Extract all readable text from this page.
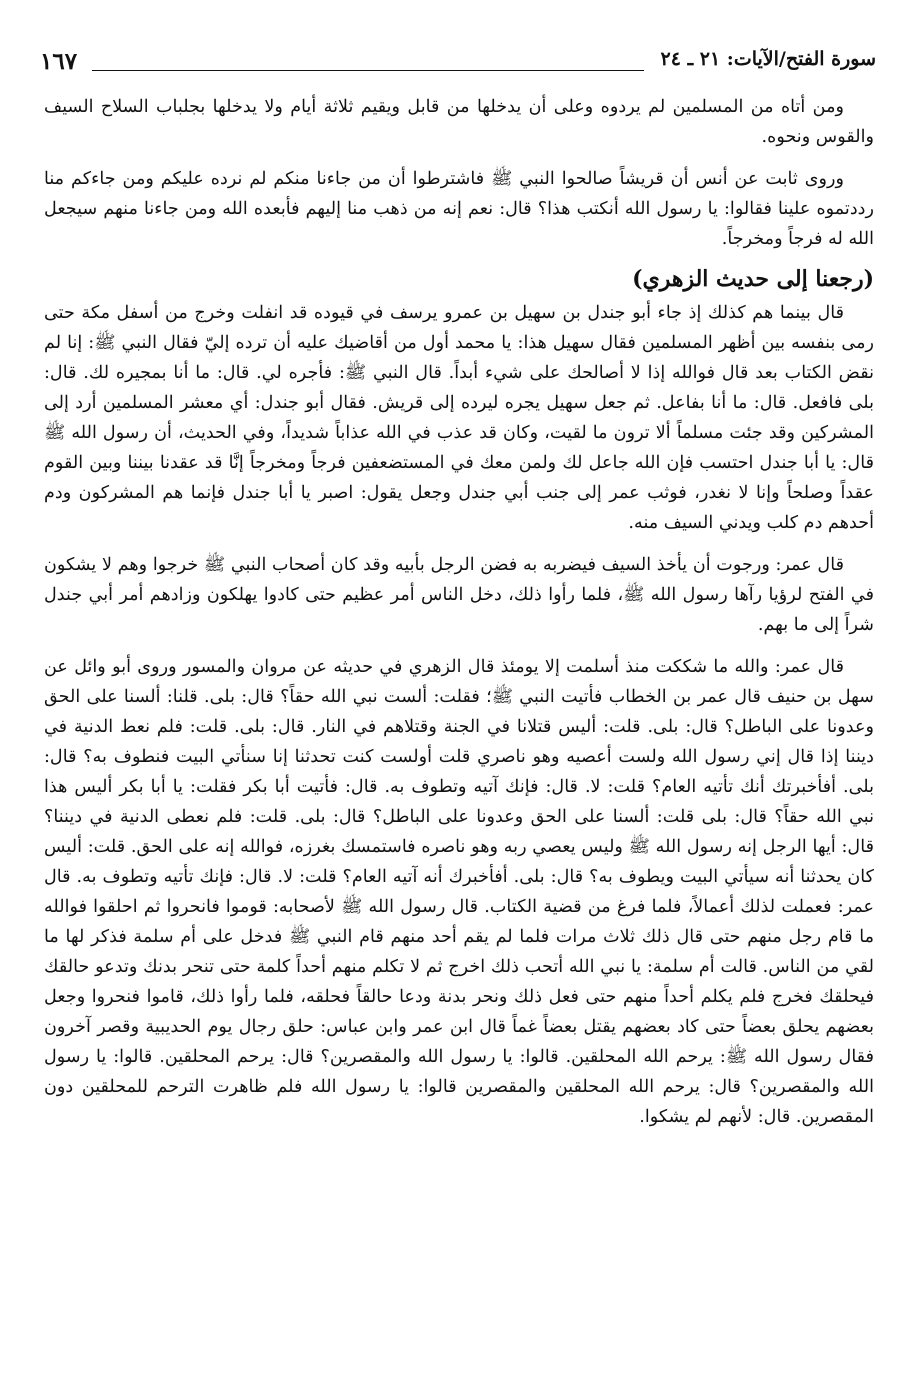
سورة الفتح/الآيات: ٢١ ـ ٢٤
١٦٧

ومن أتاه من المسلمين لم يردوه وعلى أن يدخلها من قابل ويقيم ثلاثة أيام ولا يدخلها بجلباب السلاح السيف والقوس ونحوه.

وروى ثابت عن أنس أن قريشاً صالحوا النبي ﷺ فاشترطوا أن من جاءنا منكم لم نرده عليكم ومن جاءكم منا رددتموه علينا فقالوا: يا رسول الله أنكتب هذا؟ قال: نعم إنه من ذهب منا إليهم فأبعده الله ومن جاءنا منهم سيجعل الله له فرجاً ومخرجاً.

(رجعنا إلى حديث الزهري)

قال بينما هم كذلك إذ جاء أبو جندل بن سهيل بن عمرو يرسف في قيوده قد انفلت وخرج من أسفل مكة حتى رمى بنفسه بين أظهر المسلمين فقال سهيل هذا: يا محمد أول من أقاضيك عليه أن ترده إليّ فقال النبي ﷺ: إنا لم نقض الكتاب بعد قال فوالله إذا لا أصالحك على شيء أبداً. قال النبي ﷺ: فأجره لي. قال: ما أنا بمجيره لك. قال: بلى فافعل. قال: ما أنا بفاعل. ثم جعل سهيل يجره ليرده إلى قريش. فقال أبو جندل: أي معشر المسلمين أرد إلى المشركين وقد جئت مسلماً ألا ترون ما لقيت، وكان قد عذب في الله عذاباً شديداً، وفي الحديث، أن رسول الله ﷺ قال: يا أبا جندل احتسب فإن الله جاعل لك ولمن معك في المستضعفين فرجاً ومخرجاً إنَّا قد عقدنا بيننا وبين القوم عقداً وصلحاً وإنا لا نغدر، فوثب عمر إلى جنب أبي جندل وجعل يقول: اصبر يا أبا جندل فإنما هم المشركون ودم أحدهم دم كلب ويدني السيف منه.

قال عمر: ورجوت أن يأخذ السيف فيضربه به فضن الرجل بأبيه وقد كان أصحاب النبي ﷺ خرجوا وهم لا يشكون في الفتح لرؤيا رآها رسول الله ﷺ، فلما رأوا ذلك، دخل الناس أمر عظيم حتى كادوا يهلكون وزادهم أمر أبي جندل شراً إلى ما بهم.

قال عمر: والله ما شككت منذ أسلمت إلا يومئذ قال الزهري في حديثه عن مروان والمسور وروى أبو وائل عن سهل بن حنيف قال عمر بن الخطاب فأتيت النبي ﷺ؛ فقلت: ألست نبي الله حقاً؟ قال: بلى. قلنا: ألسنا على الحق وعدونا على الباطل؟ قال: بلى. قلت: أليس قتلانا في الجنة وقتلاهم في النار. قال: بلى. قلت: فلم نعط الدنية في ديننا إذا قال إني رسول الله ولست أعصيه وهو ناصري قلت أولست كنت تحدثنا إنا سنأتي البيت فنطوف به؟ قال: بلى. أفأخبرتك أنك تأتيه العام؟ قلت: لا. قال: فإنك آتيه وتطوف به. قال: فأتيت أبا بكر فقلت: يا أبا بكر أليس هذا نبي الله حقاً؟ قال: بلى قلت: ألسنا على الحق وعدونا على الباطل؟ قال: بلى. قلت: فلم نعطى الدنية في ديننا؟ قال: أيها الرجل إنه رسول الله ﷺ وليس يعصي ربه وهو ناصره فاستمسك بغرزه، فوالله إنه على الحق. قلت: أليس كان يحدثنا أنه سيأتي البيت ويطوف به؟ قال: بلى. أفأخبرك أنه آتيه العام؟ قلت: لا. قال: فإنك تأتيه وتطوف به. قال عمر: فعملت لذلك أعمالاً، فلما فرغ من قضية الكتاب. قال رسول الله ﷺ لأصحابه: قوموا فانحروا ثم احلقوا فوالله ما قام رجل منهم حتى قال ذلك ثلاث مرات فلما لم يقم أحد منهم قام النبي ﷺ فدخل على أم سلمة فذكر لها ما لقي من الناس. قالت أم سلمة: يا نبي الله أتحب ذلك اخرج ثم لا تكلم منهم أحداً كلمة حتى تنحر بدنك وتدعو حالقك فيحلقك فخرج فلم يكلم أحداً منهم حتى فعل ذلك ونحر بدنة ودعا حالقاً فحلقه، فلما رأوا ذلك، قاموا فنحروا وجعل بعضهم يحلق بعضاً حتى كاد بعضهم يقتل بعضاً غماً قال ابن عمر وابن عباس: حلق رجال يوم الحديبية وقصر آخرون فقال رسول الله ﷺ: يرحم الله المحلقين. قالوا: يا رسول الله والمقصرين؟ قال: يرحم المحلقين. قالوا: يا رسول الله والمقصرين؟ قال: يرحم الله المحلقين والمقصرين قالوا: يا رسول الله فلم ظاهرت الترحم للمحلقين دون المقصرين. قال: لأنهم لم يشكوا.
